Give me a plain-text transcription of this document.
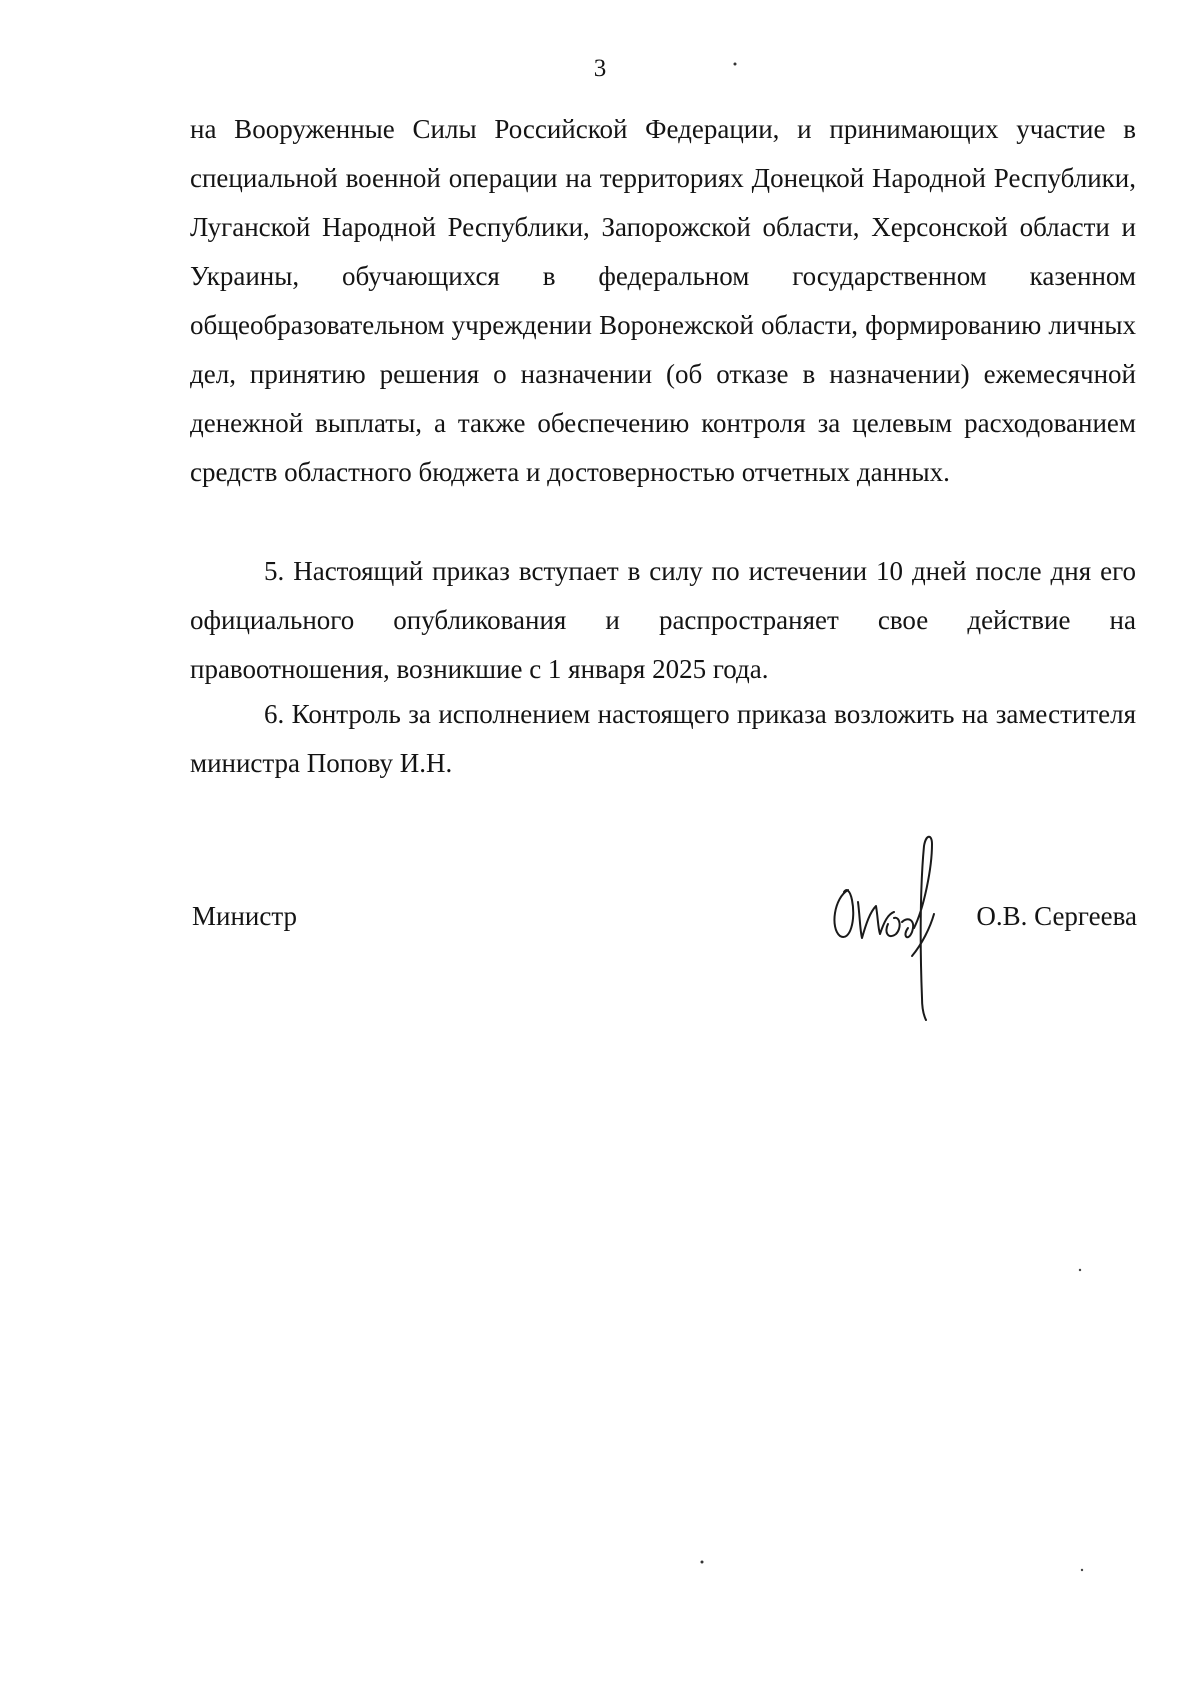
3

на Вооруженные Силы Российской Федерации, и принимающих участие в специальной военной операции на территориях Донецкой Народной Республики, Луганской Народной Республики, Запорожской области, Херсонской области и Украины, обучающихся в федеральном государственном казенном общеобразовательном учреждении Воронежской области, формированию личных дел, принятию решения о назначении (об отказе в назначении) ежемесячной денежной выплаты, а также обеспечению контроля за целевым расходованием средств областного бюджета и достоверностью отчетных данных.

5. Настоящий приказ вступает в силу по истечении 10 дней после дня его официального опубликования и распространяет свое действие на правоотношения, возникшие с 1 января 2025 года.

6. Контроль за исполнением настоящего приказа возложить на заместителя министра Попову И.Н.

Министр	О.В. Сергеева
